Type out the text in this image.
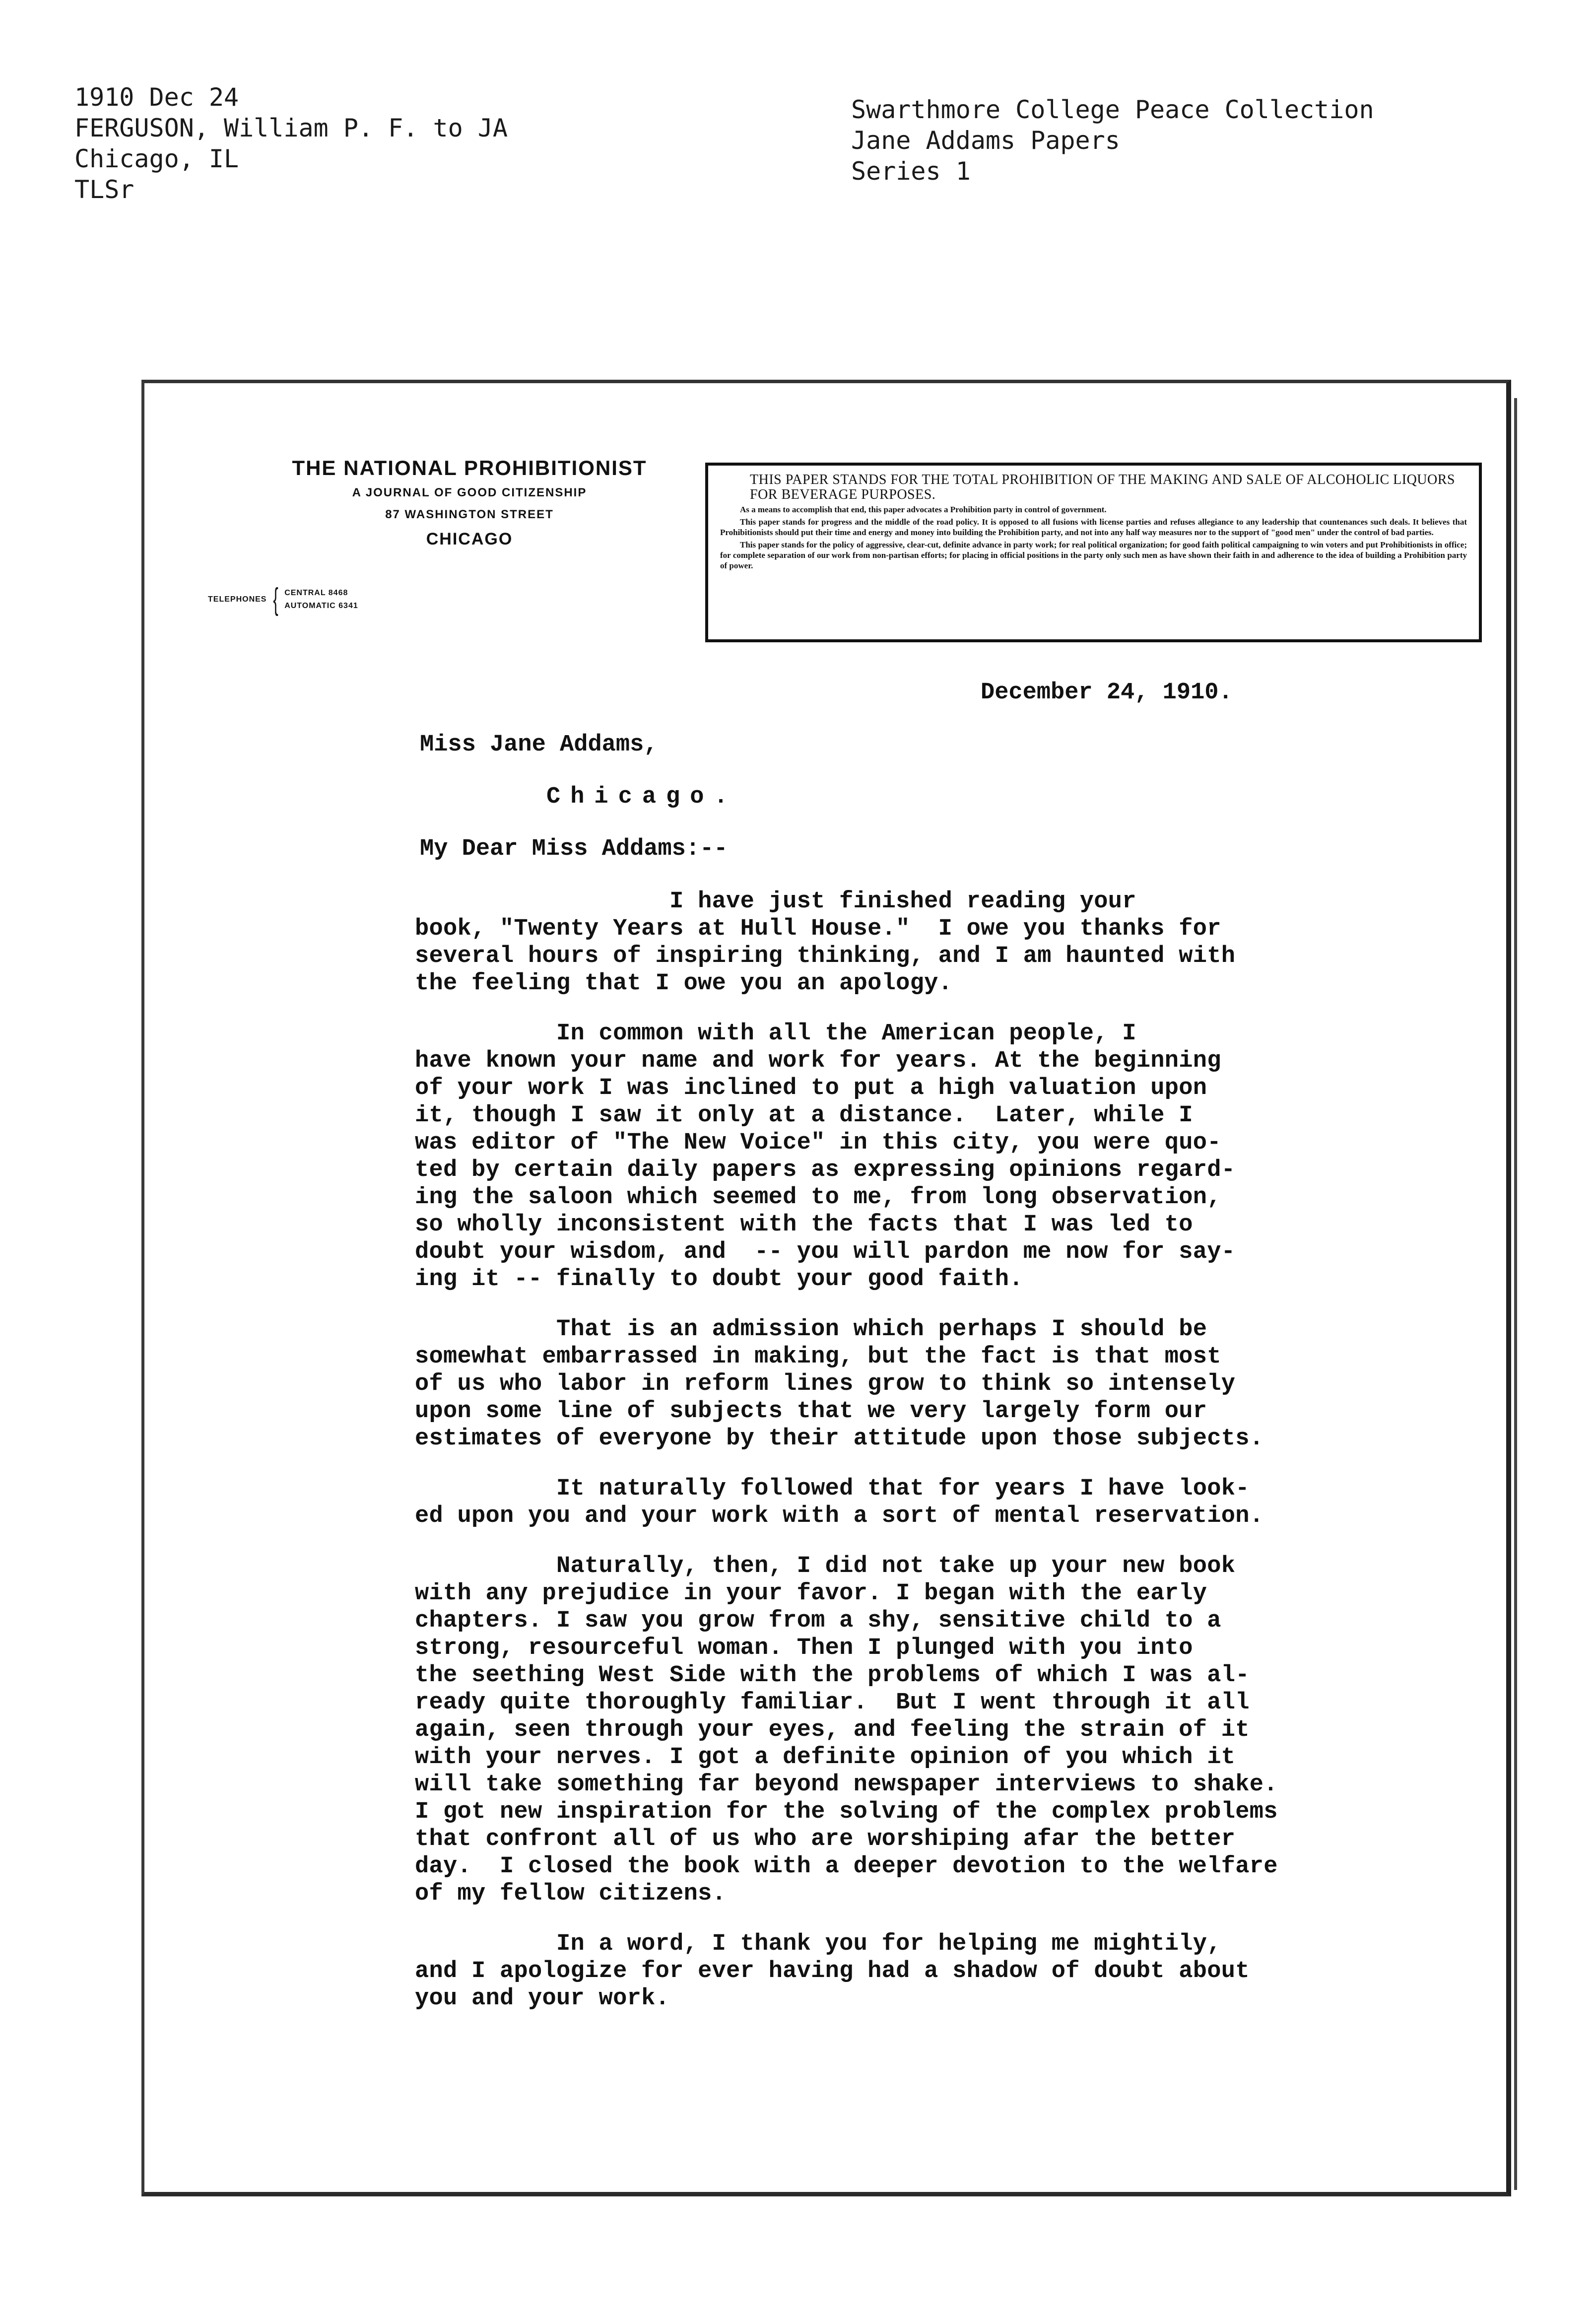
1910 Dec 24
FERGUSON, William P. F. to JA
Chicago, IL
TLSr
Swarthmore College Peace Collection
Jane Addams Papers
Series 1
THE NATIONAL PROHIBITIONIST
A JOURNAL OF GOOD CITIZENSHIP
87 WASHINGTON STREET
CHICAGO
TELEPHONES { CENTRAL 8468
AUTOMATIC 6341
THIS PAPER STANDS FOR THE TOTAL PROHIBITION OF THE MAKING AND SALE OF ALCOHOLIC LIQUORS FOR BEVERAGE PURPOSES.

As a means to accomplish that end, this paper advocates a Prohibition party in control of government.

This paper stands for progress and the middle of the road policy. It is opposed to all fusions with license parties and refuses allegiance to any leadership that countenances such deals. It believes that Prohibitionists should put their time and energy and money into building the Prohibition party, and not into any half way measures nor to the support of "good men" under the control of bad parties.

This paper stands for the policy of aggressive, clear-cut, definite advance in party work; for real political organization; for good faith political campaigning to win voters and put Prohibitionists in office; for complete separation of our work from non-partisan efforts; for placing in official positions in the party only such men as have shown their faith in and adherence to the idea of building a Prohibition party of power.

December 24, 1910.
Miss Jane Addams,
Chicago.
My Dear Miss Addams:--
I have just finished reading your
book, "Twenty Years at Hull House."  I owe you thanks for
several hours of inspiring thinking, and I am haunted with
the feeling that I owe you an apology.
In common with all the American people, I
have known your name and work for years. At the beginning
of your work I was inclined to put a high valuation upon
it, though I saw it only at a distance.  Later, while I
was editor of "The New Voice" in this city, you were quo-
ted by certain daily papers as expressing opinions regard-
ing the saloon which seemed to me, from long observation,
so wholly inconsistent with the facts that I was led to
doubt your wisdom, and  -- you will pardon me now for say-
ing it -- finally to doubt your good faith.
That is an admission which perhaps I should be
somewhat embarrassed in making, but the fact is that most
of us who labor in reform lines grow to think so intensely
upon some line of subjects that we very largely form our
estimates of everyone by their attitude upon those subjects.
It naturally followed that for years I have look-
ed upon you and your work with a sort of mental reservation.
Naturally, then, I did not take up your new book
with any prejudice in your favor. I began with the early
chapters. I saw you grow from a shy, sensitive child to a
strong, resourceful woman. Then I plunged with you into
the seething West Side with the problems of which I was al-
ready quite thoroughly familiar.  But I went through it all
again, seen through your eyes, and feeling the strain of it
with your nerves. I got a definite opinion of you which it
will take something far beyond newspaper interviews to shake.
I got new inspiration for the solving of the complex problems
that confront all of us who are worshiping afar the better
day.  I closed the book with a deeper devotion to the welfare
of my fellow citizens.
In a word, I thank you for helping me mightily,
and I apologize for ever having had a shadow of doubt about
you and your work.
